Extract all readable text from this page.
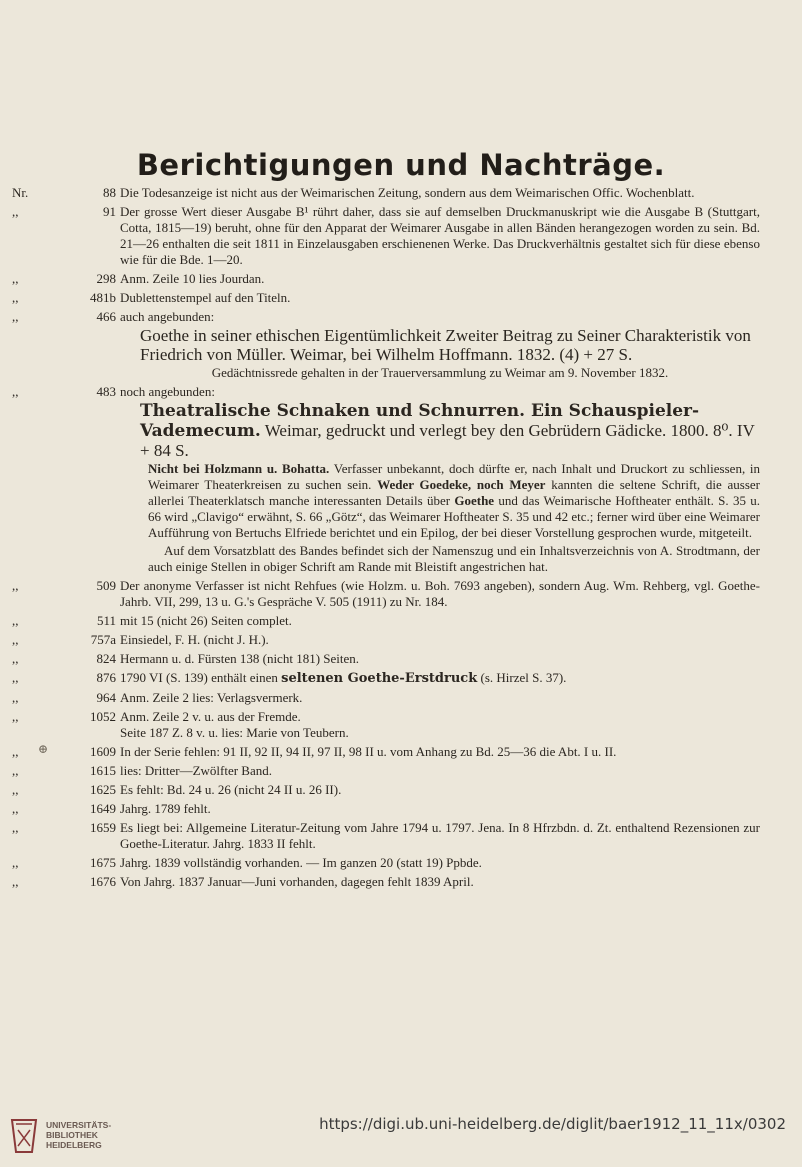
Berichtigungen und Nachträge.
Nr.	88 Die Todesanzeige ist nicht aus der Weimarischen Zeitung, sondern aus dem Weimarischen Offic. Wochenblatt.
,,	91 Der grosse Wert dieser Ausgabe B¹ rührt daher, dass sie auf demselben Druckmanuskript wie die Ausgabe B (Stuttgart, Cotta, 1815—19) beruht, ohne für den Apparat der Weimarer Ausgabe in allen Bänden herangezogen worden zu sein. Bd. 21—26 enthalten die seit 1811 in Einzelausgaben erschienenen Werke. Das Druckverhältnis gestaltet sich für diese ebenso wie für die Bde. 1—20.
,,	298 Anm. Zeile 10 lies Jourdan.
,,	481b Dublettenstempel auf den Titeln.
,,	466 auch angebunden:
Goethe in seiner ethischen Eigentümlichkeit Zweiter Beitrag zu Seiner Charakteristik von Friedrich von Müller. Weimar, bei Wilhelm Hoffmann. 1832. (4) + 27 S.
Gedächtnissrede gehalten in der Trauerversammlung zu Weimar am 9. November 1832.
,,	483 noch angebunden:
Theatralische Schnaken und Schnurren. Ein Schauspieler-Vademecum. Weimar, gedruckt und verlegt bey den Gebrüdern Gädicke. 1800. 8⁰. IV + 84 S.
Nicht bei Holzmann u. Bohatta. Verfasser unbekannt, doch dürfte er, nach Inhalt und Druckort zu schliessen, in Weimarer Theaterkreisen zu suchen sein. Weder Goedeke, noch Meyer kannten die seltene Schrift, die ausser allerlei Theaterklatsch manche interessanten Details über Goethe und das Weimarische Hoftheater enthält. S. 35 u. 66 wird „Clavigo“ erwähnt, S. 66 „Götz“, das Weimarer Hoftheater S. 35 und 42 etc.; ferner wird über eine Weimarer Aufführung von Bertuchs Elfriede berichtet und ein Epilog, der bei dieser Vorstellung gesprochen wurde, mitgeteilt.
Auf dem Vorsatzblatt des Bandes befindet sich der Namenszug und ein Inhaltsverzeichnis von A. Strodtmann, der auch einige Stellen in obiger Schrift am Rande mit Bleistift angestrichen hat.
,,	509 Der anonyme Verfasser ist nicht Rehfues (wie Holzm. u. Boh. 7693 angeben), sondern Aug. Wm. Rehberg, vgl. Goethe-Jahrb. VII, 299, 13 u. G.'s Gespräche V. 505 (1911) zu Nr. 184.
,,	511 mit 15 (nicht 26) Seiten complet.
,,	757a Einsiedel, F. H. (nicht J. H.).
,,	824 Hermann u. d. Fürsten 138 (nicht 181) Seiten.
,,	876 1790 VI (S. 139) enthält einen seltenen Goethe-Erstdruck (s. Hirzel S. 37).
,,	964 Anm. Zeile 2 lies: Verlagsvermerk.
,,	1052 Anm. Zeile 2 v. u. aus der Fremde.
Seite 187 Z. 8 v. u. lies: Marie von Teubern.
,,	1609 In der Serie fehlen: 91 II, 92 II, 94 II, 97 II, 98 II u. vom Anhang zu Bd. 25—36 die Abt. I u. II.
,,	1615 lies: Dritter—Zwölfter Band.
,,	1625 Es fehlt: Bd. 24 u. 26 (nicht 24 II u. 26 II).
,,	1649 Jahrg. 1789 fehlt.
,,	1659 Es liegt bei: Allgemeine Literatur-Zeitung vom Jahre 1794 u. 1797. Jena. In 8 Hfrzbdn. d. Zt. enthaltend Rezensionen zur Goethe-Literatur. Jahrg. 1833 II fehlt.
,,	1675 Jahrg. 1839 vollständig vorhanden. — Im ganzen 20 (statt 19) Ppbde.
,,	1676 Von Jahrg. 1837 Januar—Juni vorhanden, dagegen fehlt 1839 April.
⊕
UNIVERSITÄTS-
BIBLIOTHEK
HEIDELBERG
https://digi.ub.uni-heidelberg.de/diglit/baer1912_11_11x/0302
